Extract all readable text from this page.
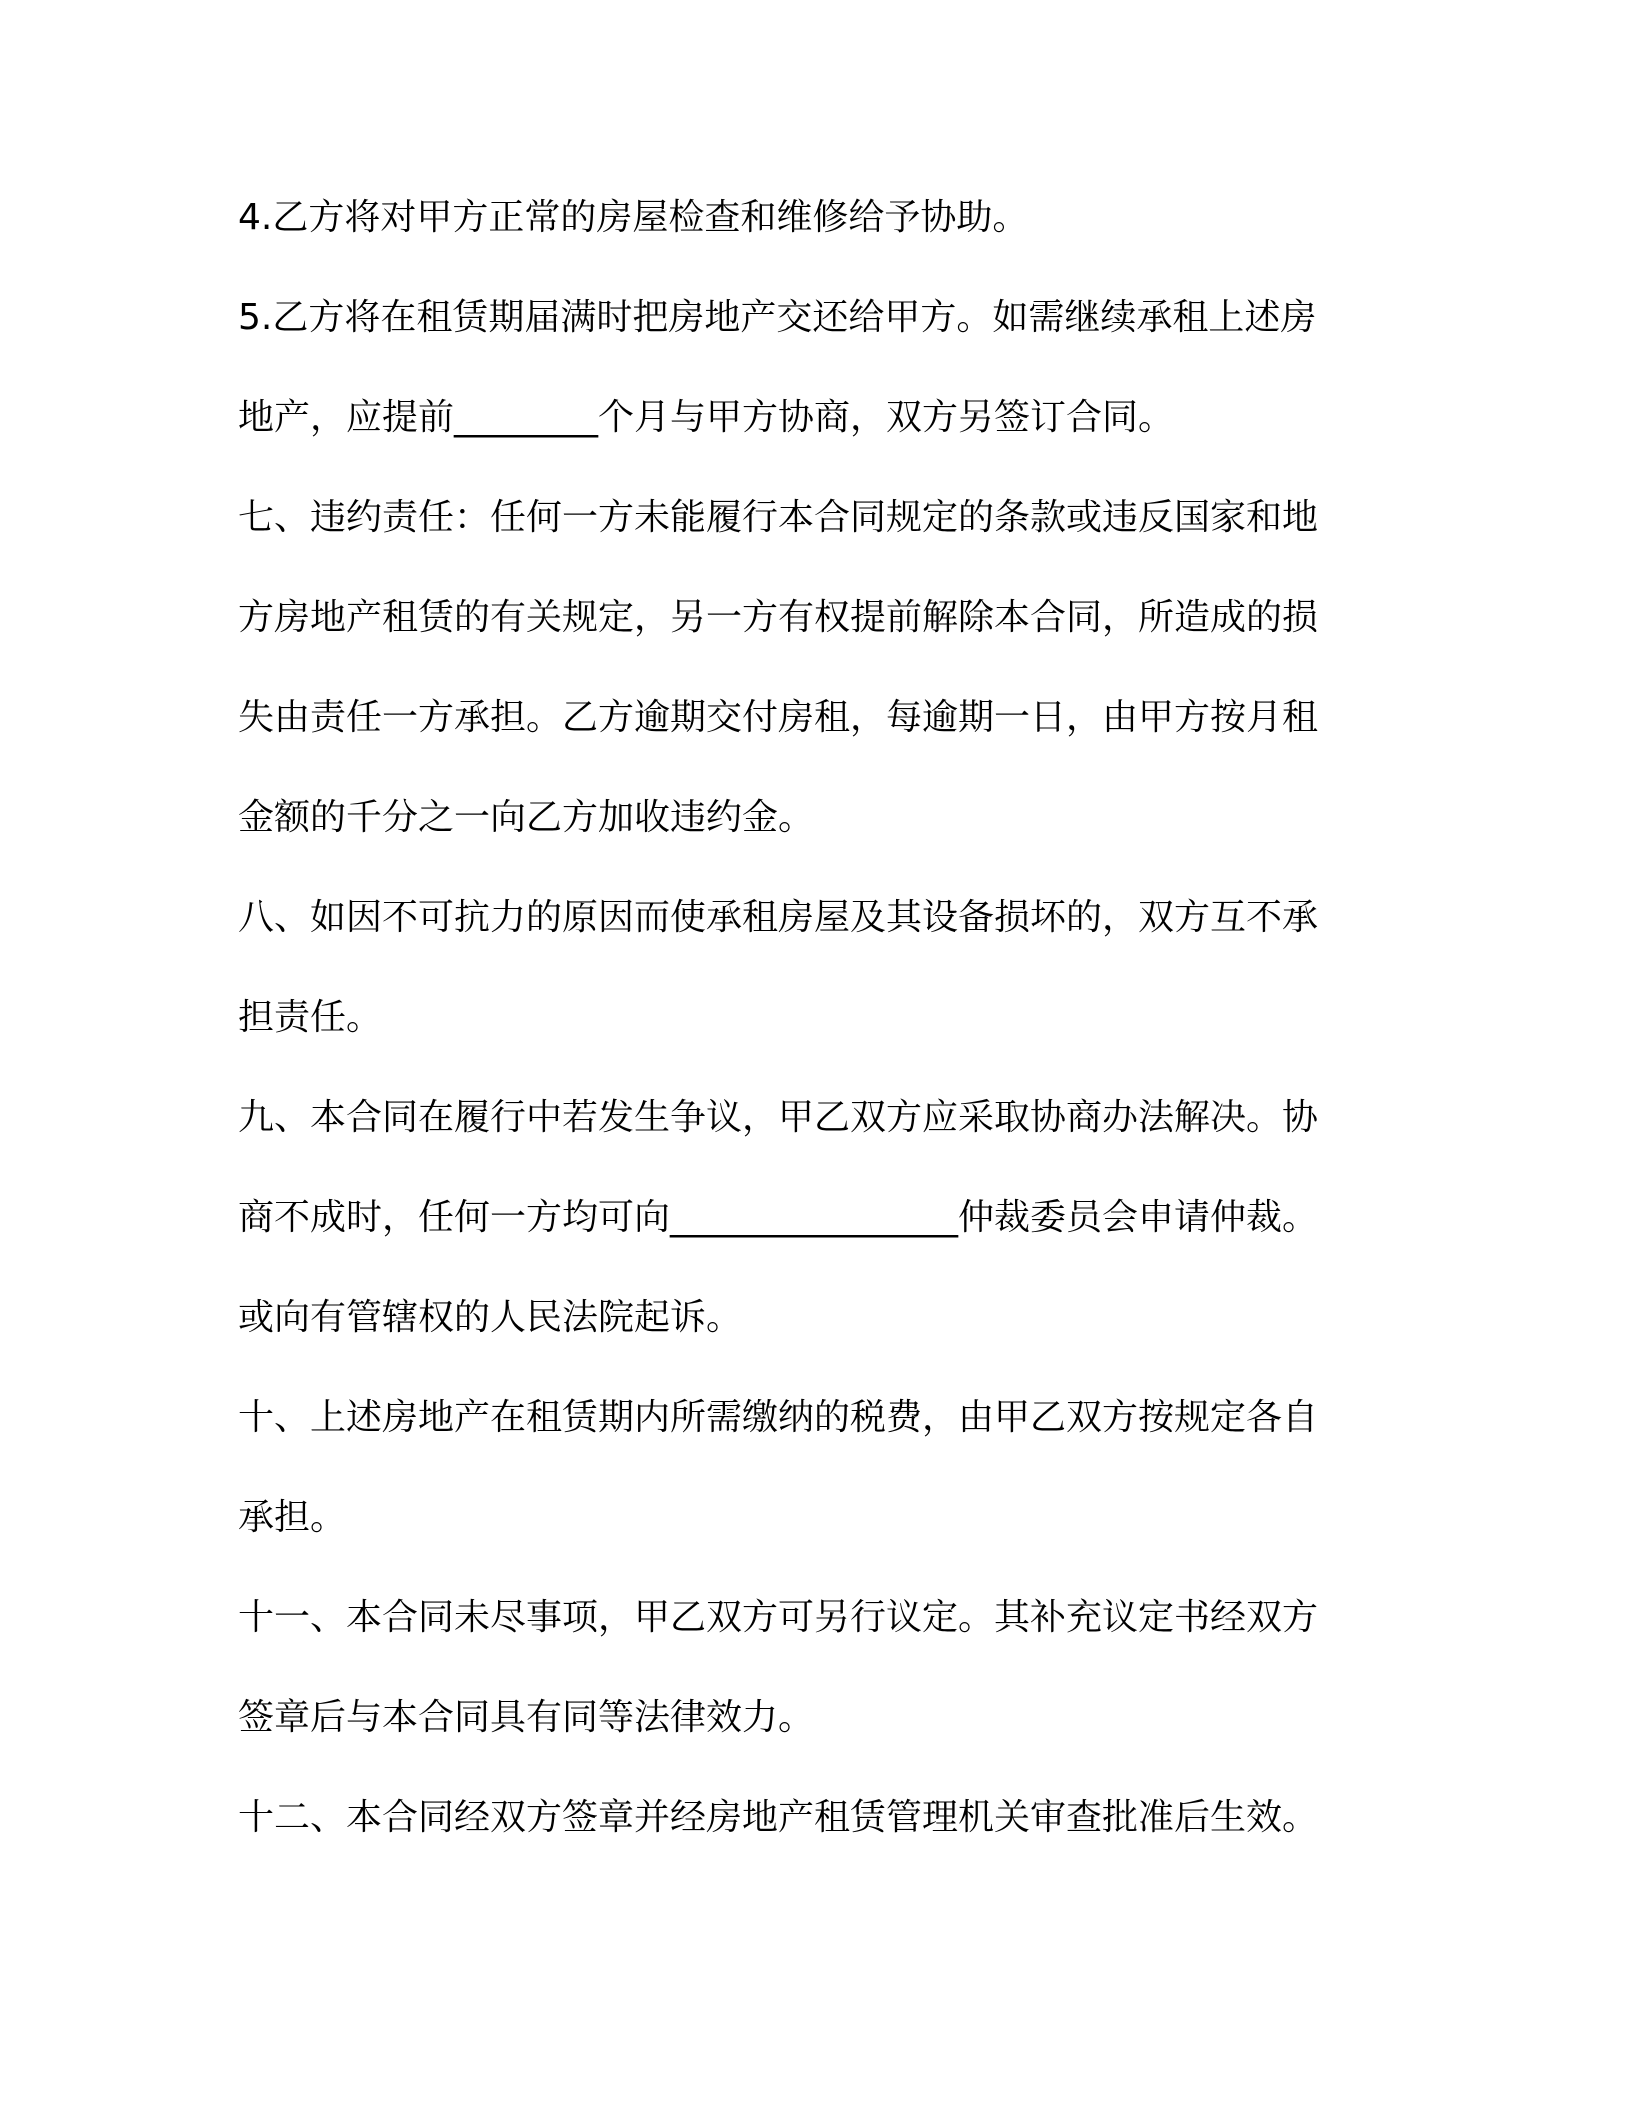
4.乙方将对甲方正常的房屋检查和维修给予协助。
5.乙方将在租赁期届满时把房地产交还给甲方。如需继续承租上述房
地产，应提前________个月与甲方协商，双方另签订合同。
七、违约责任：任何一方未能履行本合同规定的条款或违反国家和地
方房地产租赁的有关规定，另一方有权提前解除本合同，所造成的损
失由责任一方承担。乙方逾期交付房租，每逾期一日，由甲方按月租
金额的千分之一向乙方加收违约金。
八、如因不可抗力的原因而使承租房屋及其设备损坏的，双方互不承
担责任。
九、本合同在履行中若发生争议，甲乙双方应采取协商办法解决。协
商不成时，任何一方均可向________________仲裁委员会申请仲裁。
或向有管辖权的人民法院起诉。
十、上述房地产在租赁期内所需缴纳的税费，由甲乙双方按规定各自
承担。
十一、本合同未尽事项，甲乙双方可另行议定。其补充议定书经双方
签章后与本合同具有同等法律效力。
十二、本合同经双方签章并经房地产租赁管理机关审查批准后生效。
